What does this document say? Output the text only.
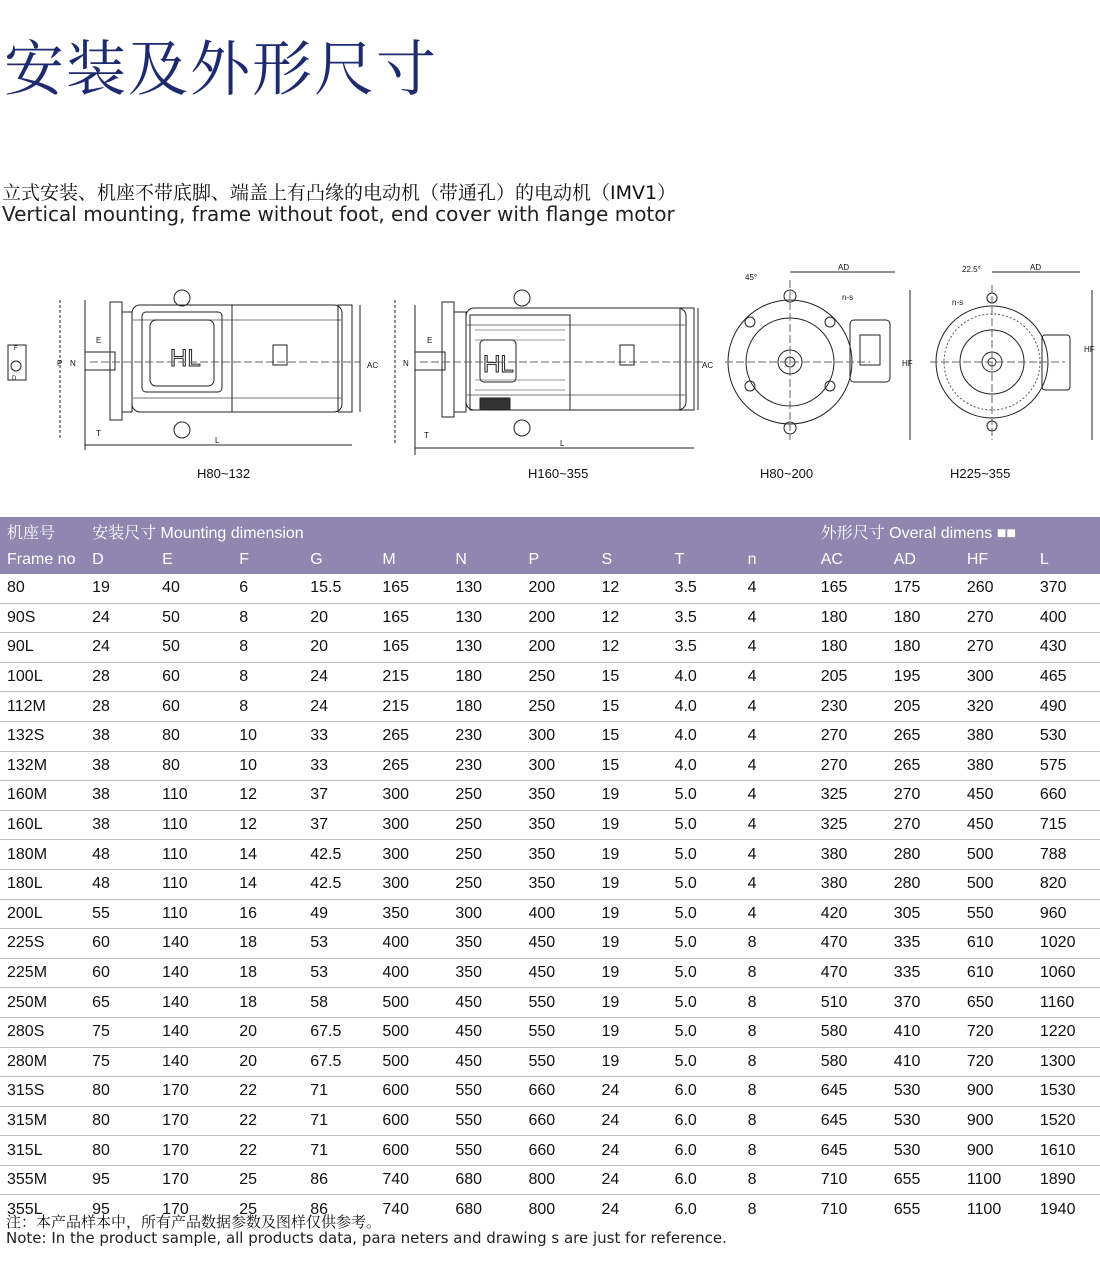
安装及外形尺寸
立式安装、机座不带底脚、端盖上有凸缘的电动机（带通孔）的电动机（IMV1）
Vertical mounting, frame without foot, end cover with flange motor
F
D
HL
L
E
T
N
P	AC	HL
L
E
T
N	AC
AD
45°
n-s
HF
AD
22.5°
n-s
HF
H80~132	H160~355	H80~200	H225~355
机座号	安装尺寸 Mounting dimension										外形尺寸 Overal dimens ■■			
Frame no	D	E	F	G	M	N	P	S	T	n	AC	AD	HF	L
80	19	40	6	15.5	165	130	200	12	3.5	4	165	175	260	370
90S	24	50	8	20	165	130	200	12	3.5	4	180	180	270	400
90L	24	50	8	20	165	130	200	12	3.5	4	180	180	270	430
100L	28	60	8	24	215	180	250	15	4.0	4	205	195	300	465
112M	28	60	8	24	215	180	250	15	4.0	4	230	205	320	490
132S	38	80	10	33	265	230	300	15	4.0	4	270	265	380	530
132M	38	80	10	33	265	230	300	15	4.0	4	270	265	380	575
160M	38	110	12	37	300	250	350	19	5.0	4	325	270	450	660
160L	38	110	12	37	300	250	350	19	5.0	4	325	270	450	715
180M	48	110	14	42.5	300	250	350	19	5.0	4	380	280	500	788
180L	48	110	14	42.5	300	250	350	19	5.0	4	380	280	500	820
200L	55	110	16	49	350	300	400	19	5.0	4	420	305	550	960
225S	60	140	18	53	400	350	450	19	5.0	8	470	335	610	1020
225M	60	140	18	53	400	350	450	19	5.0	8	470	335	610	1060
250M	65	140	18	58	500	450	550	19	5.0	8	510	370	650	1160
280S	75	140	20	67.5	500	450	550	19	5.0	8	580	410	720	1220
280M	75	140	20	67.5	500	450	550	19	5.0	8	580	410	720	1300
315S	80	170	22	71	600	550	660	24	6.0	8	645	530	900	1530
315M	80	170	22	71	600	550	660	24	6.0	8	645	530	900	1520
315L	80	170	22	71	600	550	660	24	6.0	8	645	530	900	1610
355M	95	170	25	86	740	680	800	24	6.0	8	710	655	1100	1890
355L	95	170	25	86	740	680	800	24	6.0	8	710	655	1100	1940
注：本产品样本中，所有产品数据参数及图样仅供参考。
Note: In the product sample, all products data, para neters and drawing s are just for reference.
